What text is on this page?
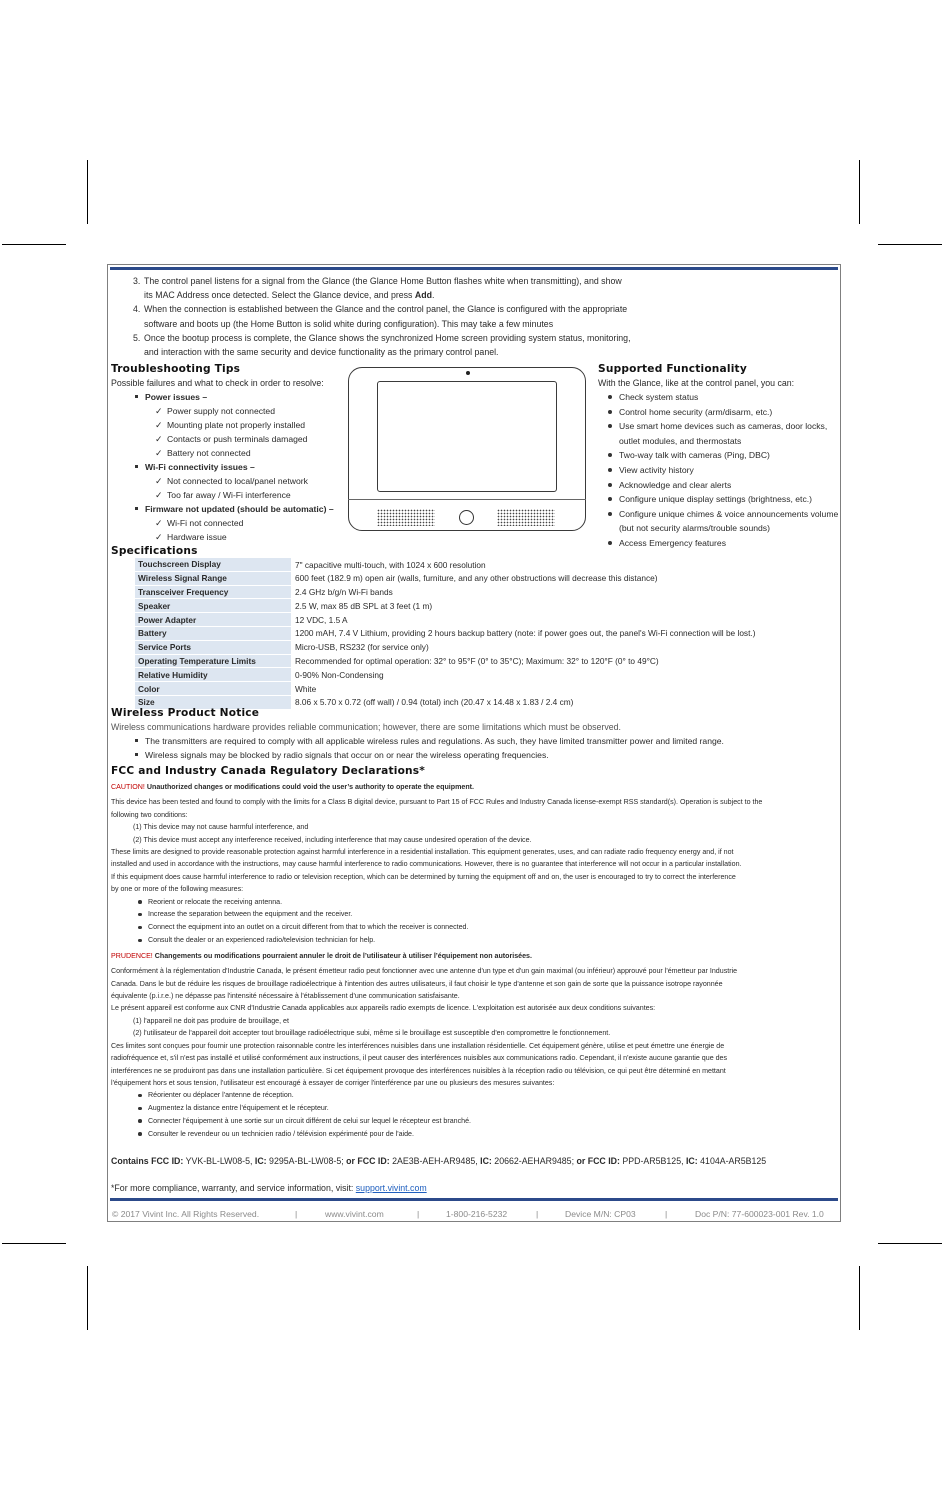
3. The control panel listens for a signal from the Glance (the Glance Home Button flashes white when transmitting), and show
its MAC Address once detected. Select the Glance device, and press Add.
4. When the connection is established between the Glance and the control panel, the Glance is configured with the appropriate
software and boots up (the Home Button is solid white during configuration). This may take a few minutes
5. Once the bootup process is complete, the Glance shows the synchronized Home screen providing system status, monitoring,
and interaction with the same security and device functionality as the primary control panel.
Troubleshooting Tips
Possible failures and what to check in order to resolve:
Power issues –
✓ Power supply not connected
✓ Mounting plate not properly installed
✓ Contacts or push terminals damaged
✓ Battery not connected
Wi-Fi connectivity issues –
✓ Not connected to local/panel network
✓ Too far away / Wi-Fi interference
Firmware not updated (should be automatic) –
✓ Wi-Fi not connected
✓ Hardware issue
Supported Functionality
With the Glance, like at the control panel, you can:
Check system status
Control home security (arm/disarm, etc.)
Use smart home devices such as cameras, door locks, outlet modules, and thermostats
Two-way talk with cameras (Ping, DBC)
View activity history
Acknowledge and clear alerts
Configure unique display settings (brightness, etc.)
Configure unique chimes & voice announcements volume (but not security alarms/trouble sounds)
Access Emergency features
Specifications
Touchscreen Display	7" capacitive multi-touch, with 1024 x 600 resolution
Wireless Signal Range	600 feet (182.9 m) open air (walls, furniture, and any other obstructions will decrease this distance)
Transceiver Frequency	2.4 GHz b/g/n Wi-Fi bands
Speaker	2.5 W, max 85 dB SPL at 3 feet (1 m)
Power Adapter	12 VDC, 1.5 A
Battery	1200 mAH, 7.4 V Lithium, providing 2 hours backup battery (note: if power goes out, the panel's Wi-Fi connection will be lost.)
Service Ports	Micro-USB, RS232 (for service only)
Operating Temperature Limits	Recommended for optimal operation: 32° to 95°F (0° to 35°C); Maximum: 32° to 120°F (0° to 49°C)
Relative Humidity	0-90% Non-Condensing
Color	White
Size	8.06 x 5.70 x 0.72 (off wall) / 0.94 (total) inch (20.47 x 14.48 x 1.83 / 2.4 cm)
Wireless Product Notice
Wireless communications hardware provides reliable communication; however, there are some limitations which must be observed.
The transmitters are required to comply with all applicable wireless rules and regulations. As such, they have limited transmitter power and limited range.
Wireless signals may be blocked by radio signals that occur on or near the wireless operating frequencies.
FCC and Industry Canada Regulatory Declarations*
CAUTION! Unauthorized changes or modifications could void the user’s authority to operate the equipment.
This device has been tested and found to comply with the limits for a Class B digital device, pursuant to Part 15 of FCC Rules and Industry Canada license-exempt RSS standard(s). Operation is subject to the
following two conditions:
(1) This device may not cause harmful interference, and
(2) This device must accept any interference received, including interference that may cause undesired operation of the device.
These limits are designed to provide reasonable protection against harmful interference in a residential installation. This equipment generates, uses, and can radiate radio frequency energy and, if not
installed and used in accordance with the instructions, may cause harmful interference to radio communications. However, there is no guarantee that interference will not occur in a particular installation.
If this equipment does cause harmful interference to radio or television reception, which can be determined by turning the equipment off and on, the user is encouraged to try to correct the interference
by one or more of the following measures:
Reorient or relocate the receiving antenna.
Increase the separation between the equipment and the receiver.
Connect the equipment into an outlet on a circuit different from that to which the receiver is connected.
Consult the dealer or an experienced radio/television technician for help.
PRUDENCE! Changements ou modifications pourraient annuler le droit de l’utilisateur à utiliser l’équipement non autorisées.
Conformément à la réglementation d'Industrie Canada, le présent émetteur radio peut fonctionner avec une antenne d'un type et d'un gain maximal (ou inférieur) approuvé pour l'émetteur par Industrie
Canada. Dans le but de réduire les risques de brouillage radioélectrique à l'intention des autres utilisateurs, il faut choisir le type d'antenne et son gain de sorte que la puissance isotrope rayonnée
équivalente (p.i.r.e.) ne dépasse pas l'intensité nécessaire à l'établissement d'une communication satisfaisante.
Le présent appareil est conforme aux CNR d'Industrie Canada applicables aux appareils radio exempts de licence. L'exploitation est autorisée aux deux conditions suivantes:
(1) l'appareil ne doit pas produire de brouillage, et
(2) l'utilisateur de l'appareil doit accepter tout brouillage radioélectrique subi, même si le brouillage est susceptible d'en compromettre le fonctionnement.
Ces limites sont conçues pour fournir une protection raisonnable contre les interférences nuisibles dans une installation résidentielle. Cet équipement génère, utilise et peut émettre une énergie de
radiofréquence et, s'il n'est pas installé et utilisé conformément aux instructions, il peut causer des interférences nuisibles aux communications radio. Cependant, il n'existe aucune garantie que des
interférences ne se produiront pas dans une installation particulière. Si cet équipement provoque des interférences nuisibles à la réception radio ou télévision, ce qui peut être déterminé en mettant
l'équipement hors et sous tension, l'utilisateur est encouragé à essayer de corriger l'interférence par une ou plusieurs des mesures suivantes:
Réorienter ou déplacer l'antenne de réception.
Augmentez la distance entre l'équipement et le récepteur.
Connecter l'équipement à une sortie sur un circuit différent de celui sur lequel le récepteur est branché.
Consulter le revendeur ou un technicien radio / télévision expérimenté pour de l'aide.
Contains FCC ID: YVK-BL-LW08-5, IC: 9295A-BL-LW08-5; or FCC ID: 2AE3B-AEH-AR9485, IC: 20662-AEHAR9485; or FCC ID: PPD-AR5B125, IC: 4104A-AR5B125
*For more compliance, warranty, and service information, visit: support.vivint.com
© 2017 Vivint Inc. All Rights Reserved.	|	www.vivint.com	|	1-800-216-5232	|	Device M/N: CP03	|	Doc P/N: 77-600023-001 Rev. 1.0
